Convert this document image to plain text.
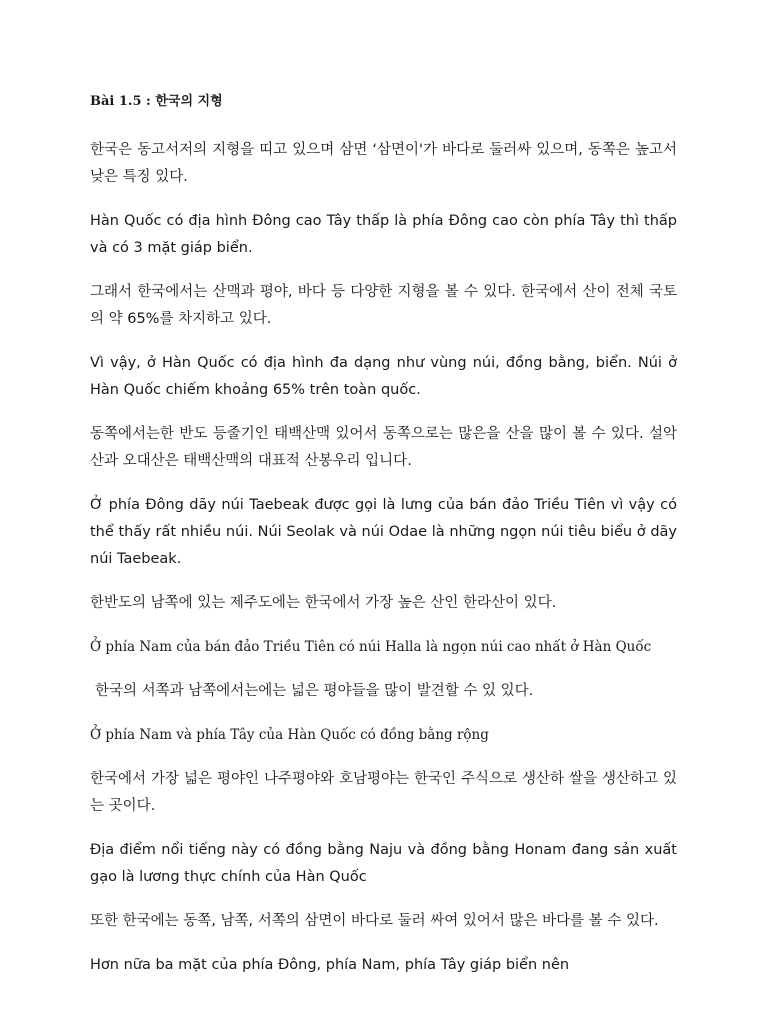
Bài 1.5 : 한국의 지형

한국은 동고서저의 지형을 띠고 있으며 삼면 ‘삼면이'가 바다로 둘러싸 있으며, 동쪽은 높고서 낮은 특징 있다.

Hàn Quốc có địa hình Đông cao Tây thấp là phía Đông cao còn phía Tây thì thấp và có 3 mặt giáp biển.

그래서 한국에서는 산맥과 평야, 바다 등 다양한 지형을 볼 수 있다. 한국에서 산이 전체 국토의 약 65%를 차지하고 있다.

Vì vậy, ở Hàn Quốc có địa hình đa dạng như vùng núi, đồng bằng, biển. Núi ở Hàn Quốc chiếm khoảng 65% trên toàn quốc.

동쪽에서는한 반도 등줄기인 태백산맥 있어서 동쪽으로는 많은을 산을 많이 볼 수 있다. 설악산과 오대산은 태백산맥의 대표적 산봉우리 입니다.

Ở phía Đông dãy núi Taebeak được gọi là lưng của bán đảo Triều Tiên vì vậy có thể thấy rất nhiều núi. Núi Seolak và núi Odae là những ngọn núi tiêu biểu ở dãy núi Taebeak.

한반도의 남쪽에 있는 제주도에는 한국에서 가장 높은 산인 한라산이 있다.

Ở phía Nam của bán đảo Triều Tiên có núi Halla là ngọn núi cao nhất ở Hàn Quốc

한국의 서쪽과 남쪽에서는에는 넓은 평야들을 많이 발견할 수 있 있다.

Ở phía Nam và phía Tây của Hàn Quốc có đồng bằng rộng

한국에서 가장 넓은 평야인 나주평야와 호남평야는 한국인 주식으로 생산하 쌀을 생산하고 있는 곳이다.

Địa điểm nổi tiếng này có đồng bằng Naju và đồng bằng Honam đang sản xuất gạo là lương thực chính của Hàn Quốc

또한 한국에는 동쪽, 남쪽, 서쪽의 삼면이 바다로 둘러 싸여 있어서 많은 바다를 볼 수 있다.

Hơn nữa ba mặt của phía Đông, phía Nam, phía Tây giáp biển nên
